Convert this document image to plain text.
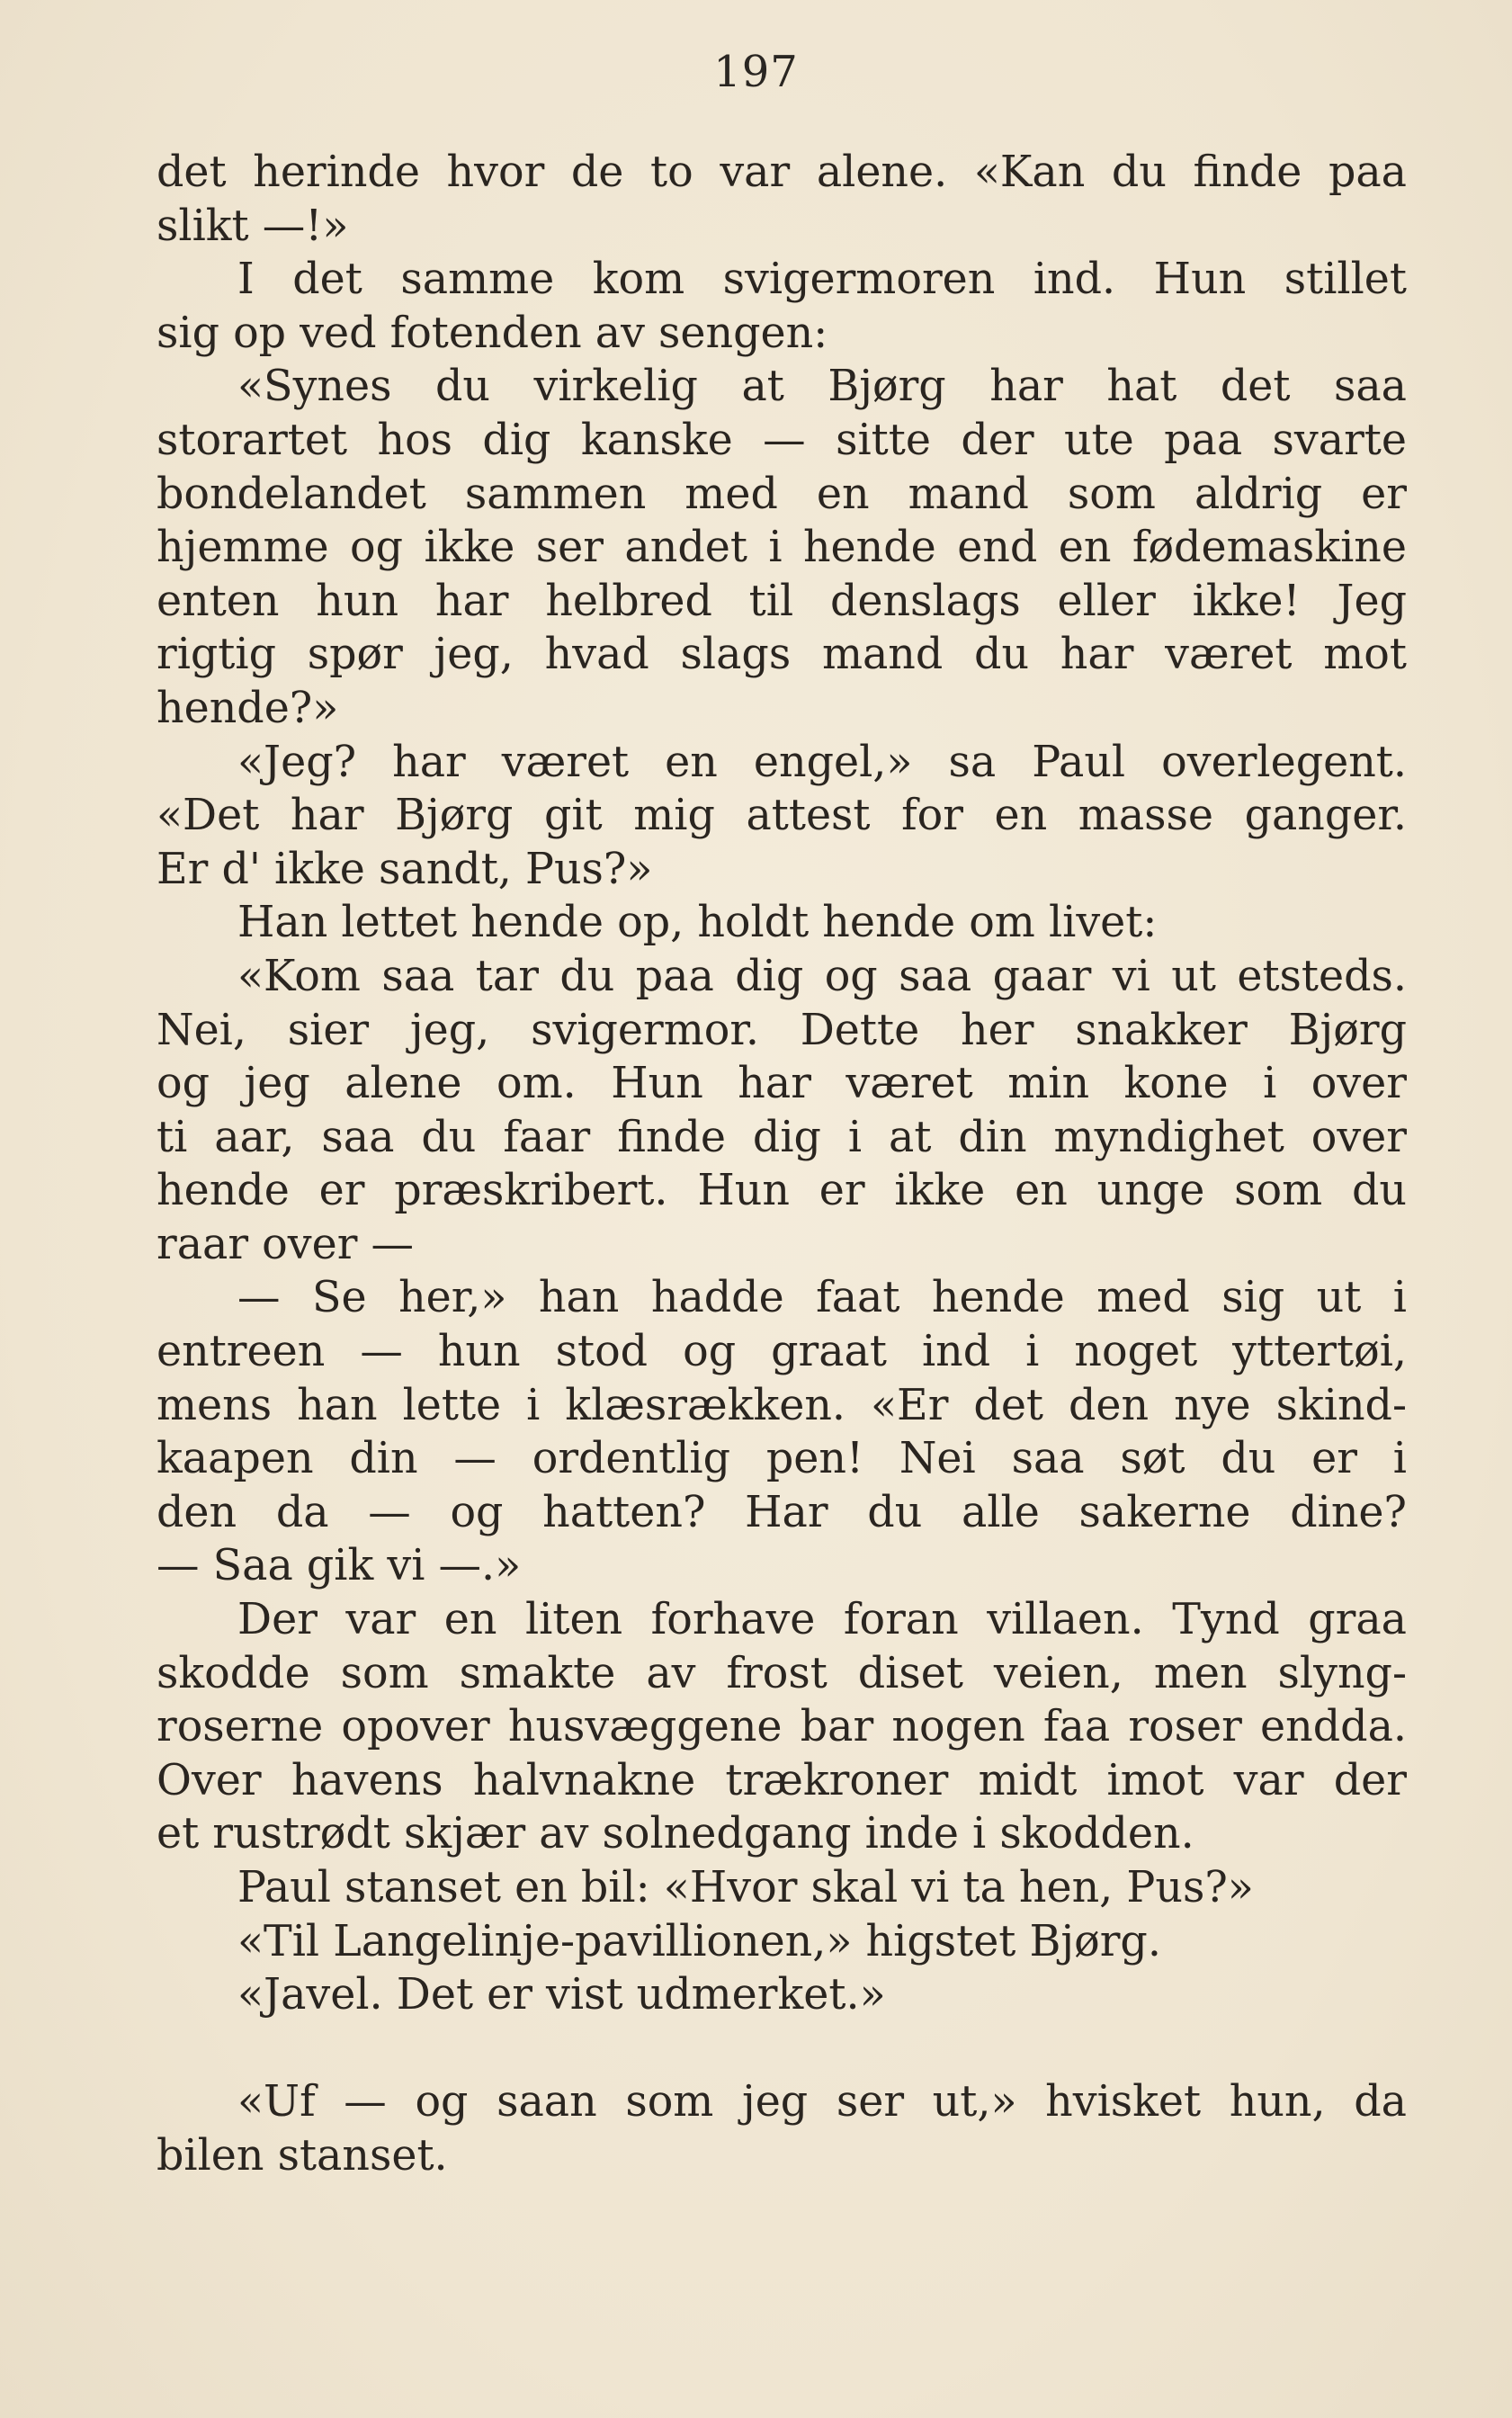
197
det herinde hvor de to var alene. «Kan du finde paa
slikt —!»
I det samme kom svigermoren ind. Hun stillet
sig op ved fotenden av sengen:
«Synes du virkelig at Bjørg har hat det saa
storartet hos dig kanske — sitte der ute paa svarte
bondelandet sammen med en mand som aldrig er
hjemme og ikke ser andet i hende end en fødemaskine
enten hun har helbred til denslags eller ikke! Jeg
rigtig spør jeg, hvad slags mand du har været mot
hende?»
«Jeg? har været en engel,» sa Paul overlegent.
«Det har Bjørg git mig attest for en masse ganger.
Er d' ikke sandt, Pus?»
Han lettet hende op, holdt hende om livet:
«Kom saa tar du paa dig og saa gaar vi ut etsteds.
Nei, sier jeg, svigermor. Dette her snakker Bjørg
og jeg alene om. Hun har været min kone i over
ti aar, saa du faar finde dig i at din myndighet over
hende er præskribert. Hun er ikke en unge som du
raar over —
— Se her,» han hadde faat hende med sig ut i
entreen — hun stod og graat ind i noget yttertøi,
mens han lette i klæsrækken. «Er det den nye skind-
kaapen din — ordentlig pen! Nei saa søt du er i
den da — og hatten? Har du alle sakerne dine?
— Saa gik vi —.»
Der var en liten forhave foran villaen. Tynd graa
skodde som smakte av frost diset veien, men slyng-
roserne opover husvæggene bar nogen faa roser endda.
Over havens halvnakne trækroner midt imot var der
et rustrødt skjær av solnedgang inde i skodden.
Paul stanset en bil: «Hvor skal vi ta hen, Pus?»
«Til Langelinje-pavillionen,» higstet Bjørg.
«Javel. Det er vist udmerket.»
«Uf — og saan som jeg ser ut,» hvisket hun, da
bilen stanset.
